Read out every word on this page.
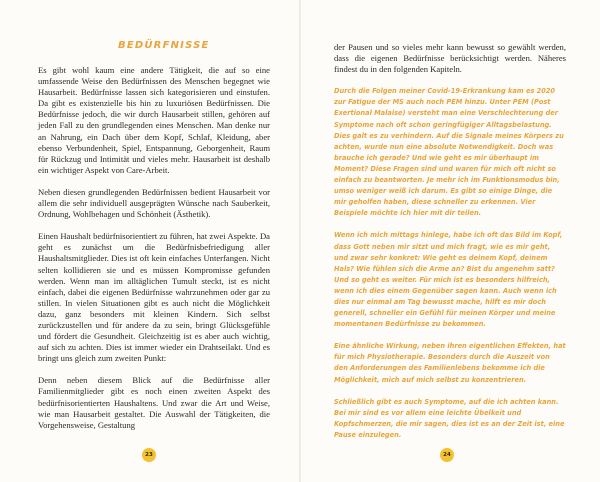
BEDÜRFNISSE

Es gibt wohl kaum eine andere Tätigkeit, die auf so eine umfassende Weise den Bedürfnissen des Menschen begegnet wie Hausarbeit. Bedürfnisse lassen sich kategorisieren und einstufen. Da gibt es existenzielle bis hin zu luxuriösen Bedürfnissen. Die Bedürfnisse jedoch, die wir durch Hausarbeit stillen, gehören auf jeden Fall zu den grundlegenden eines Menschen. Man denke nur an Nahrung, ein Dach über dem Kopf, Schlaf, Kleidung, aber ebenso Verbundenheit, Spiel, Entspannung, Geborgenheit, Raum für Rückzug und Intimität und vieles mehr. Hausarbeit ist deshalb ein wichtiger Aspekt von Care-Arbeit.

Neben diesen grundlegenden Bedürfnissen bedient Hausarbeit vor allem die sehr individuell ausgeprägten Wünsche nach Sauberkeit, Ordnung, Wohlbehagen und Schönheit (Ästhetik).

Einen Haushalt bedürfnisorientiert zu führen, hat zwei Aspekte. Da geht es zunächst um die Bedürfnisbefriedigung aller Haushaltsmitglieder. Dies ist oft kein einfaches Unterfangen. Nicht selten kollidieren sie und es müssen Kompromisse gefunden werden. Wenn man im alltäglichen Tumult steckt, ist es nicht einfach, dabei die eigenen Bedürfnisse wahrzunehmen oder gar zu stillen. In vielen Situationen gibt es auch nicht die Möglichkeit dazu, ganz besonders mit kleinen Kindern. Sich selbst zurückzustellen und für andere da zu sein, bringt Glücksgefühle und fördert die Gesundheit. Gleichzeitig ist es aber auch wichtig, auf sich zu achten. Dies ist immer wieder ein Drahtseilakt. Und es bringt uns gleich zum zweiten Punkt:

Denn neben diesem Blick auf die Bedürfnisse aller Familienmitglieder gibt es noch einen zweiten Aspekt des bedürfnisorientierten Haushaltens. Und zwar die Art und Weise, wie man Hausarbeit gestaltet. Die Auswahl der Tätigkeiten, die Vorgehensweise, Gestaltung

23

der Pausen und so vieles mehr kann bewusst so gewählt werden, dass die eigenen Bedürfnisse berücksichtigt werden. Näheres findest du in den folgenden Kapiteln.

Durch die Folgen meiner Covid-19-Erkrankung kam es 2020 zur Fatigue der MS auch noch PEM hinzu. Unter PEM (Post Exertional Malaise) versteht man eine Verschlechterung der Symptome nach oft schon geringfügiger Alltagsbelastung. Dies galt es zu verhindern. Auf die Signale meines Körpers zu achten, wurde nun eine absolute Notwendigkeit. Doch was brauche ich gerade? Und wie geht es mir überhaupt im Moment? Diese Fragen sind und waren für mich oft nicht so einfach zu beantworten. Je mehr ich im Funktionsmodus bin, umso weniger weiß ich darum. Es gibt so einige Dinge, die mir geholfen haben, diese schneller zu erkennen. Vier Beispiele möchte ich hier mit dir teilen.

Wenn ich mich mittags hinlege, habe ich oft das Bild im Kopf, dass Gott neben mir sitzt und mich fragt, wie es mir geht, und zwar sehr konkret: Wie geht es deinem Kopf, deinem Hals? Wie fühlen sich die Arme an? Bist du angenehm satt? Und so geht es weiter. Für mich ist es besonders hilfreich, wenn ich dies einem Gegenüber sagen kann. Auch wenn ich dies nur einmal am Tag bewusst mache, hilft es mir doch generell, schneller ein Gefühl für meinen Körper und meine momentanen Bedürfnisse zu bekommen.

Eine ähnliche Wirkung, neben ihren eigentlichen Effekten, hat für mich Physiotherapie. Besonders durch die Auszeit von den Anforderungen des Familienlebens bekomme ich die Möglichkeit, mich auf mich selbst zu konzentrieren.

Schließlich gibt es auch Symptome, auf die ich achten kann. Bei mir sind es vor allem eine leichte Übelkeit und Kopfschmerzen, die mir sagen, dies ist es an der Zeit ist, eine Pause einzulegen.

24
